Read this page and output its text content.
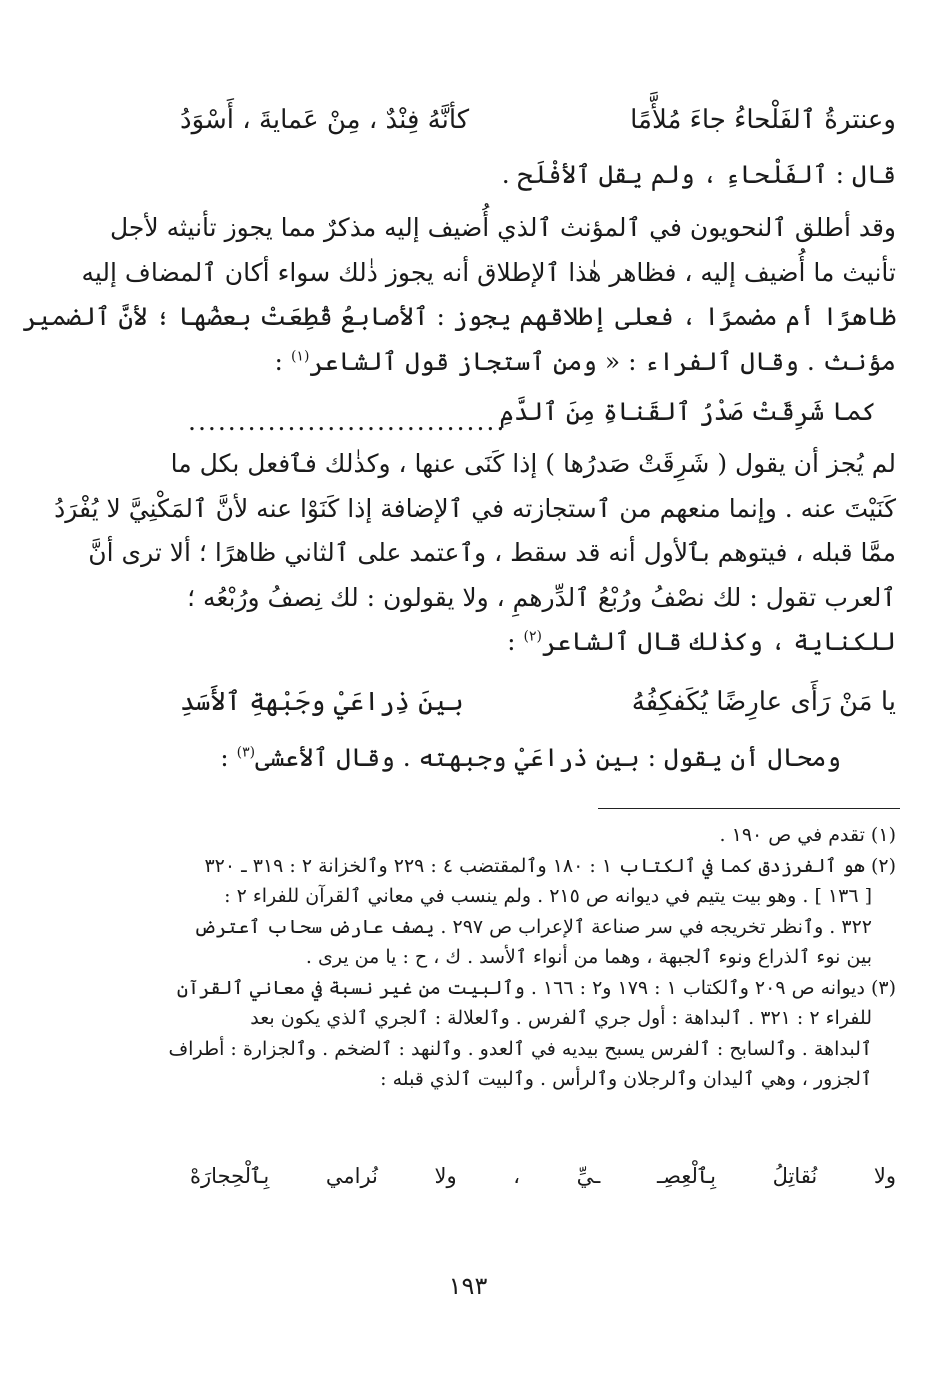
وعنترةُ ٱلفَلْحاءُ جاءَ مُلأَّمًا
كأنَّهُ فِنْدٌ ، مِنْ عَمايةَ ، أَسْوَدُ
قال : ٱلفَلْحاءِ ، ولم يقل ٱلأفْلَح .
وقد أطلق ٱلنحويون في ٱلمؤنث ٱلذي أُضيف إليه مذكرٌ مما يجوز تأنيثه لأجل
تأنيث ما أُضيف إليه ، فظاهر هٰذا ٱلإطلاق أنه يجوز ذٰلك سواء أكان ٱلمضاف إليه
ظاهرًا أم مضمرًا ، فعلى إطلاقهم يجوز : ٱلأصابعُ قُطِعَتْ بعضُها ؛ لأنَّ ٱلضمير
مؤنث . وقال ٱلفراء : « ومن ٱستجاز قول ٱلشاعر$^{(١)}$ :
كما شَرِقَتْ صَدْرُ ٱلقَناةِ مِنَ ٱلدَّمِ
................................
لم يُجز أن يقول ( شَرِقَتْ صَدرُها ) إذا كَنَى عنها ، وكذٰلك فٱفعل بكل ما
كَنَيْتَ عنه . وإنما منعهم من ٱستجازته في ٱلإضافة إذا كَنَوْا عنه لأنَّ ٱلمَكْنِيَّ لا يُفْرَدُ
ممَّا قبله ، فيتوهم بٱلأول أنه قد سقط ، وٱعتمد على ٱلثاني ظاهرًا ؛ ألا ترى أنَّ
ٱلعرب تقول : لك نصْفُ ورُبْعُ ٱلدِّرهمِ ، ولا يقولون : لك نِصفُ ورُبْعُه ؛
للكناية ، وكذٰلك قال ٱلشاعر$^{(٢)}$ :
يا مَنْ رَأَى عارِضًا يُكَفكِفُهُ
بينَ ذِراعَيْ وجَبْهةِ ٱلأَسَدِ
ومحال أن يقول : بين ذراعَيْ وجبهته . وقال ٱلأعشى$^{(٣)}$ :
(١) تقدم في ص ١٩٠ .
(٢) هو ٱلفرزدق كما في ٱلكتاب ١ : ١٨٠ وٱلمقتضب ٤ : ٢٢٩ وٱلخزانة ٢ : ٣١٩ ـ ٣٢٠
[ ١٣٦ ] . وهو بيت يتيم في ديوانه ص ٢١٥ . ولم ينسب في معاني ٱلقرآن للفراء ٢ :
٣٢٢ . وٱنظر تخريجه في سر صناعة ٱلإعراب ص ٢٩٧ . يصف عارض سحاب ٱعترض
بين نوء ٱلذراع ونوء ٱلجبهة ، وهما من أنواء ٱلأسد . ك ، ح : يا من يرى .
(٣) ديوانه ص ٢٠٩ وٱلكتاب ١ : ١٧٩ و٢ : ١٦٦ . وٱلبيت من غير نسبة في معاني ٱلقرآن
للفراء ٢ : ٣٢١ . ٱلبداهة : أول جري ٱلفرس . وٱلعلالة : ٱلجري ٱلذي يكون بعد
ٱلبداهة . وٱلسابح : ٱلفرس يسبح بيديه في ٱلعدو . وٱلنهد : ٱلضخم . وٱلجزارة : أطراف
ٱلجزور ، وهي ٱليدان وٱلرجلان وٱلرأس . وٱلبيت ٱلذي قبله :
ولا
نُقاتِلُ
بِٱلْعِصِـ
ـيِّ
،
ولا
نُرامي
بِٱلْحِجارَهْ
١٩٣
